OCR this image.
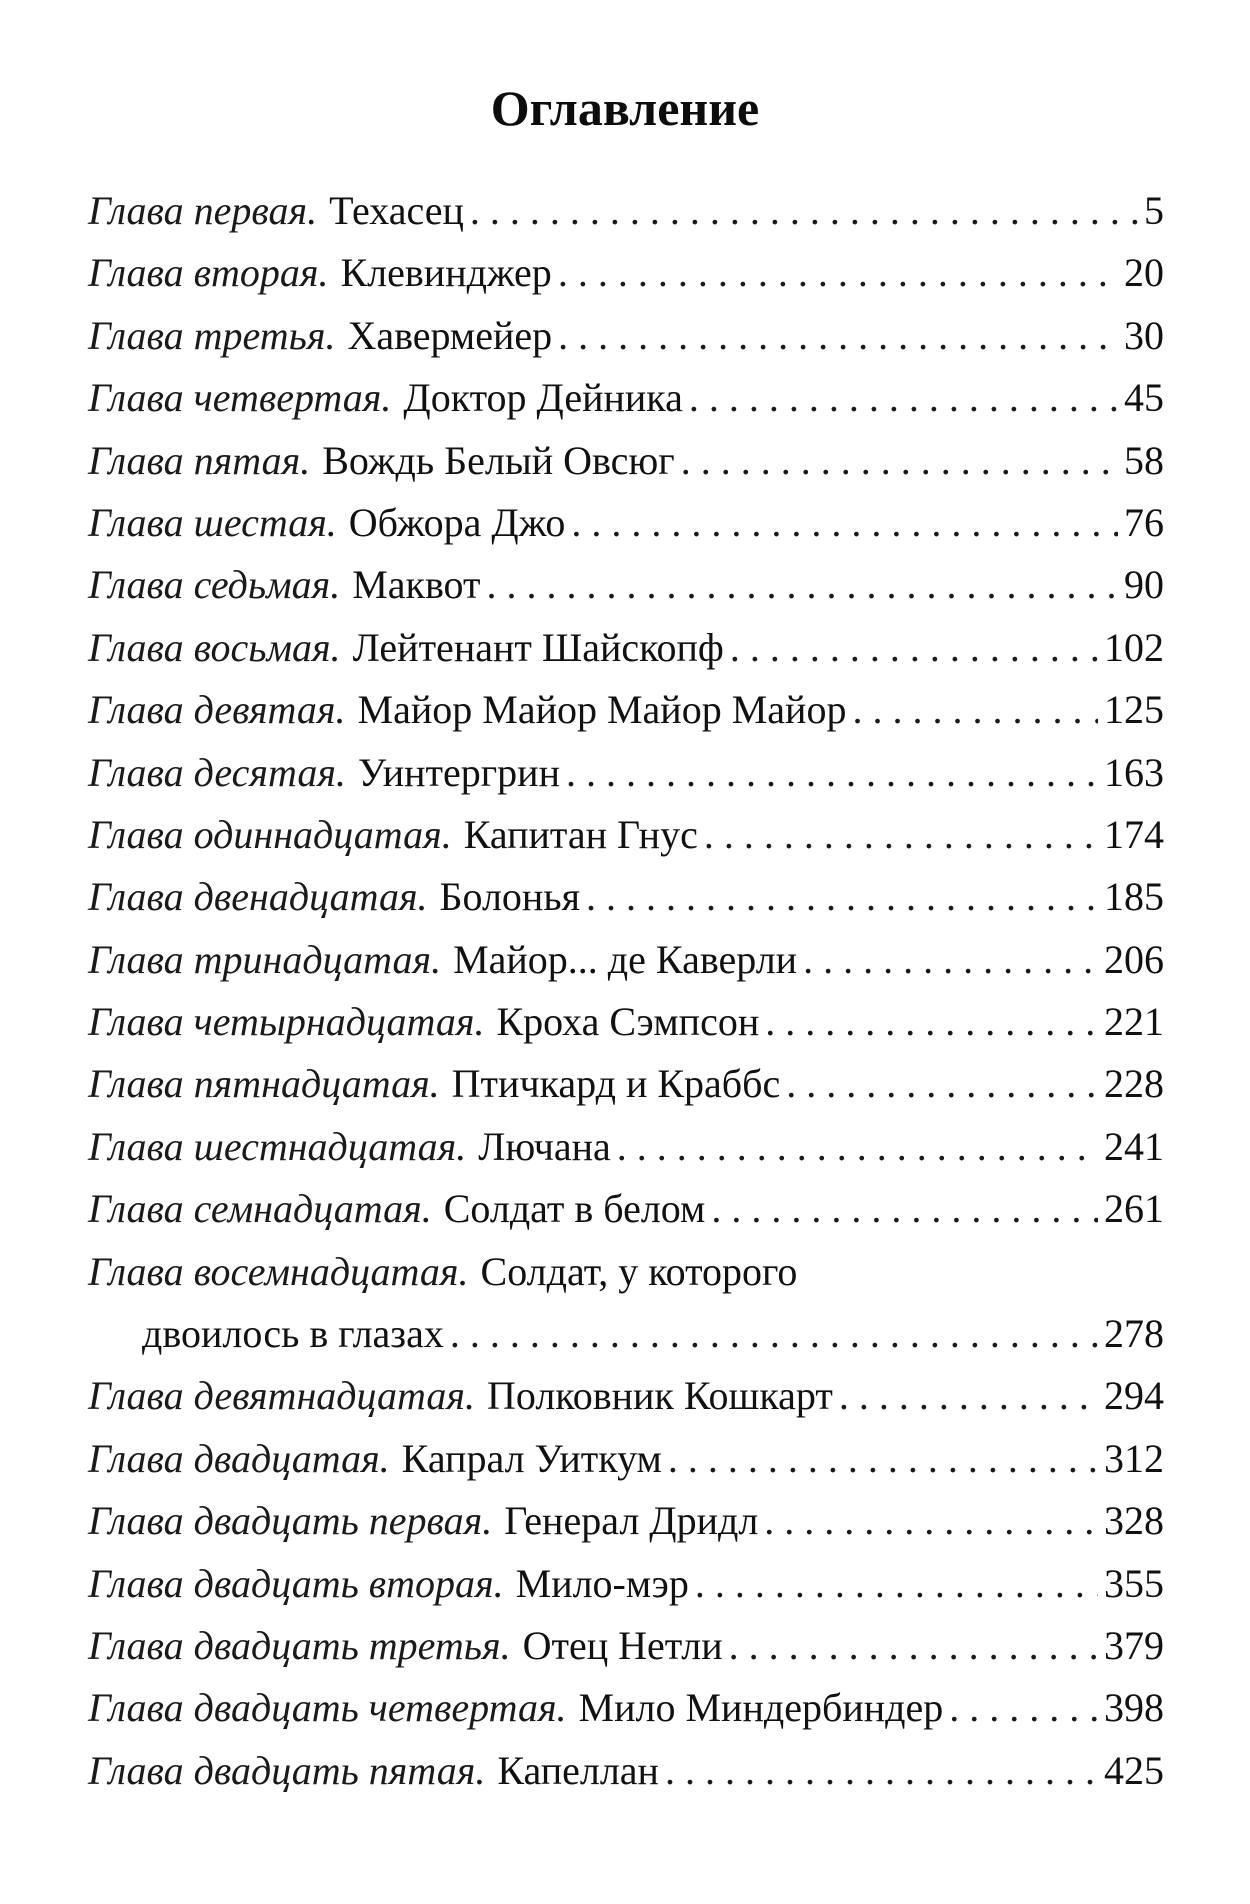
Оглавление
Глава первая. Техасец . . .	5
Глава вторая. Клевинджер . . .	20
Глава третья. Хавермейер . . .	30
Глава четвертая. Доктор Дейника . . .	45
Глава пятая. Вождь Белый Овсюг . . .	58
Глава шестая. Обжора Джо . . .	76
Глава седьмая. Маквот . . .	90
Глава восьмая. Лейтенант Шайскопф . . .	102
Глава девятая. Майор Майор Майор Майор . . .	125
Глава десятая. Уинтергрин . . .	163
Глава одиннадцатая. Капитан Гнус . . .	174
Глава двенадцатая. Болонья . . .	185
Глава тринадцатая. Майор... де Каверли . . .	206
Глава четырнадцатая. Кроха Сэмпсон . . .	221
Глава пятнадцатая. Птичкард и Краббс . . .	228
Глава шестнадцатая. Лючана . . .	241
Глава семнадцатая. Солдат в белом . . .	261
Глава восемнадцатая. Солдат, у которого
двоилось в глазах . . .	278
Глава девятнадцатая. Полковник Кошкарт . . .	294
Глава двадцатая. Капрал Уиткум . . .	312
Глава двадцать первая. Генерал Дридл . . .	328
Глава двадцать вторая. Мило-мэр . . .	355
Глава двадцать третья. Отец Нетли . . .	379
Глава двадцать четвертая. Мило Миндербиндер . . .	398
Глава двадцать пятая. Капеллан . . .	425
